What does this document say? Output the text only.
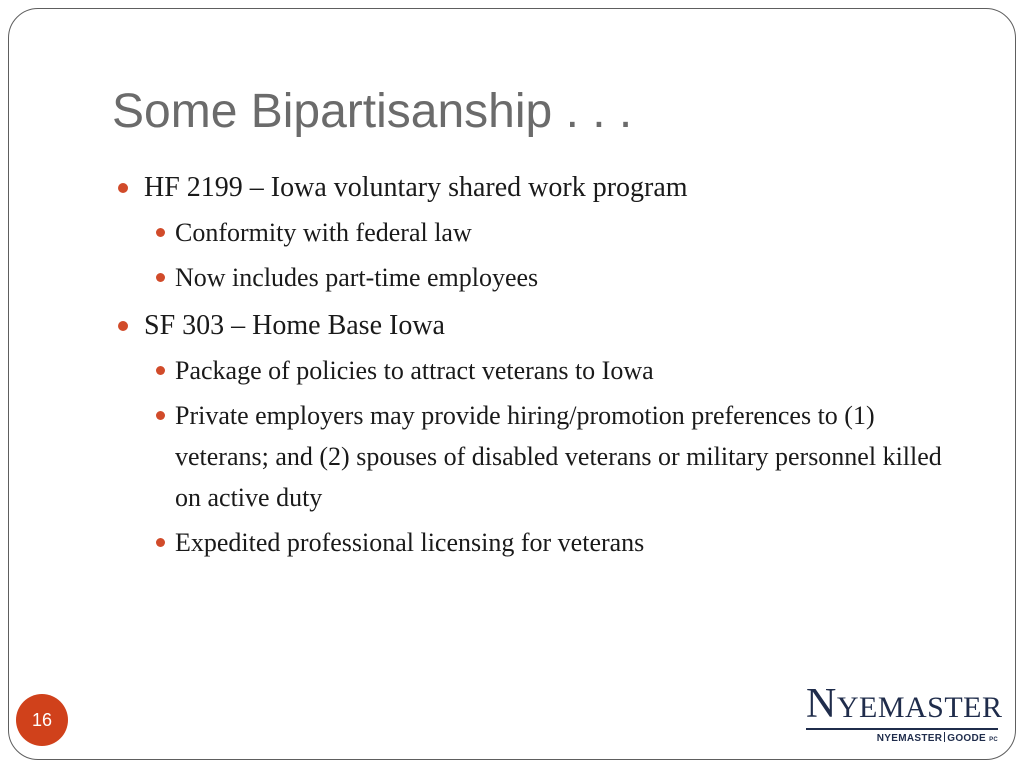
Some Bipartisanship . . .

HF 2199 – Iowa voluntary shared work program

Conformity with federal law

Now includes part-time employees

SF 303 – Home Base Iowa

Package of policies to attract veterans to Iowa

Private employers may provide hiring/promotion preferences to (1) veterans; and (2) spouses of disabled veterans or military personnel killed on active duty

Expedited professional licensing for veterans

16	NYEMASTER
NYEMASTER GOODE PC
